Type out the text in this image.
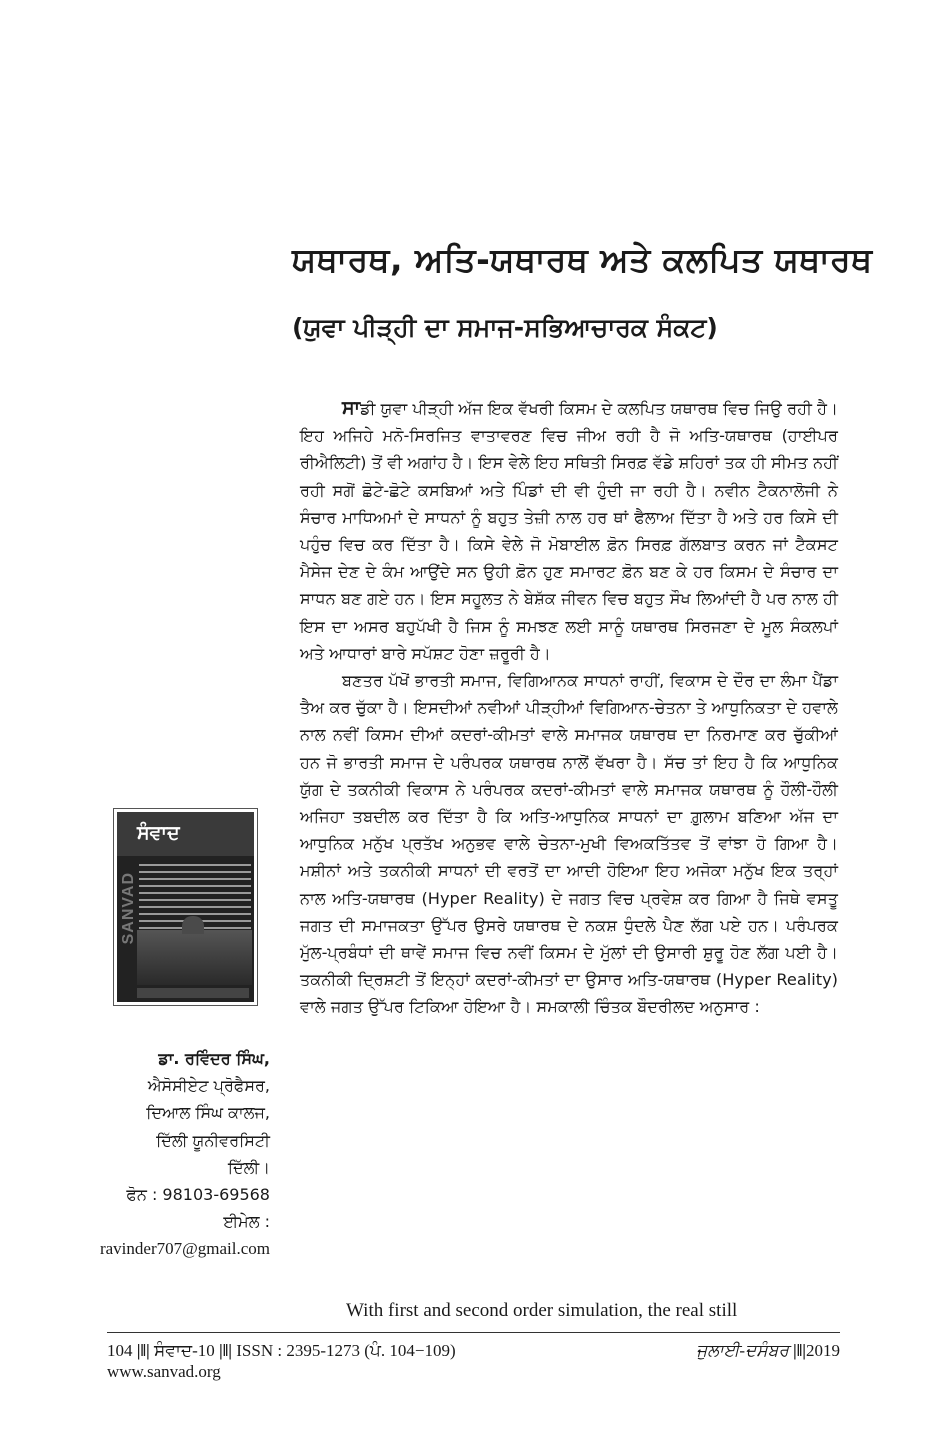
ਯਥਾਰਥ, ਅਤਿ-ਯਥਾਰਥ ਅਤੇ ਕਲਪਿਤ ਯਥਾਰਥ
(ਯੁਵਾ ਪੀੜ੍ਹੀ ਦਾ ਸਮਾਜ-ਸਭਿਆਚਾਰਕ ਸੰਕਟ)

ਸਾਡੀ ਯੁਵਾ ਪੀੜ੍ਹੀ ਅੱਜ ਇਕ ਵੱਖਰੀ ਕਿਸਮ ਦੇ ਕਲਪਿਤ ਯਥਾਰਥ ਵਿਚ ਜਿਉ ਰਹੀ ਹੈ। ਇਹ ਅਜਿਹੇ ਮਨੋ-ਸਿਰਜਿਤ ਵਾਤਾਵਰਣ ਵਿਚ ਜੀਅ ਰਹੀ ਹੈ ਜੋ ਅਤਿ-ਯਥਾਰਥ (ਹਾਈਪਰ ਰੀਐਲਿਟੀ) ਤੋਂ ਵੀ ਅਗਾਂਹ ਹੈ। ਇਸ ਵੇਲੇ ਇਹ ਸਥਿਤੀ ਸਿਰਫ਼ ਵੱਡੇ ਸ਼ਹਿਰਾਂ ਤਕ ਹੀ ਸੀਮਤ ਨਹੀਂ ਰਹੀ ਸਗੋਂ ਛੋਟੇ-ਛੋਟੇ ਕਸਬਿਆਂ ਅਤੇ ਪਿੰਡਾਂ ਦੀ ਵੀ ਹੁੰਦੀ ਜਾ ਰਹੀ ਹੈ। ਨਵੀਨ ਟੈਕਨਾਲੋਜੀ ਨੇ ਸੰਚਾਰ ਮਾਧਿਅਮਾਂ ਦੇ ਸਾਧਨਾਂ ਨੂੰ ਬਹੁਤ ਤੇਜ਼ੀ ਨਾਲ ਹਰ ਥਾਂ ਫੈਲਾਅ ਦਿੱਤਾ ਹੈ ਅਤੇ ਹਰ ਕਿਸੇ ਦੀ ਪਹੁੰਚ ਵਿਚ ਕਰ ਦਿੱਤਾ ਹੈ। ਕਿਸੇ ਵੇਲੇ ਜੋ ਮੋਬਾਈਲ ਫ਼ੋਨ ਸਿਰਫ਼ ਗੱਲਬਾਤ ਕਰਨ ਜਾਂ ਟੈਕਸਟ ਮੈਸੇਜ ਦੇਣ ਦੇ ਕੰਮ ਆਉਂਦੇ ਸਨ ਉਹੀ ਫ਼ੋਨ ਹੁਣ ਸਮਾਰਟ ਫ਼ੋਨ ਬਣ ਕੇ ਹਰ ਕਿਸਮ ਦੇ ਸੰਚਾਰ ਦਾ ਸਾਧਨ ਬਣ ਗਏ ਹਨ। ਇਸ ਸਹੂਲਤ ਨੇ ਬੇਸ਼ੱਕ ਜੀਵਨ ਵਿਚ ਬਹੁਤ ਸੌਖ ਲਿਆਂਦੀ ਹੈ ਪਰ ਨਾਲ ਹੀ ਇਸ ਦਾ ਅਸਰ ਬਹੁਪੱਖੀ ਹੈ ਜਿਸ ਨੂੰ ਸਮਝਣ ਲਈ ਸਾਨੂੰ ਯਥਾਰਥ ਸਿਰਜਣਾ ਦੇ ਮੂਲ ਸੰਕਲਪਾਂ ਅਤੇ ਆਧਾਰਾਂ ਬਾਰੇ ਸਪੱਸ਼ਟ ਹੋਣਾ ਜ਼ਰੂਰੀ ਹੈ।

ਬਣਤਰ ਪੱਖੋਂ ਭਾਰਤੀ ਸਮਾਜ, ਵਿਗਿਆਨਕ ਸਾਧਨਾਂ ਰਾਹੀਂ, ਵਿਕਾਸ ਦੇ ਦੌਰ ਦਾ ਲੰਮਾ ਪੈਂਡਾ ਤੈਅ ਕਰ ਚੁੱਕਾ ਹੈ। ਇਸਦੀਆਂ ਨਵੀਆਂ ਪੀੜ੍ਹੀਆਂ ਵਿਗਿਆਨ-ਚੇਤਨਾ ਤੇ ਆਧੁਨਿਕਤਾ ਦੇ ਹਵਾਲੇ ਨਾਲ ਨਵੀਂ ਕਿਸਮ ਦੀਆਂ ਕਦਰਾਂ-ਕੀਮਤਾਂ ਵਾਲੇ ਸਮਾਜਕ ਯਥਾਰਥ ਦਾ ਨਿਰਮਾਣ ਕਰ ਚੁੱਕੀਆਂ ਹਨ ਜੋ ਭਾਰਤੀ ਸਮਾਜ ਦੇ ਪਰੰਪਰਕ ਯਥਾਰਥ ਨਾਲੋਂ ਵੱਖਰਾ ਹੈ। ਸੱਚ ਤਾਂ ਇਹ ਹੈ ਕਿ ਆਧੁਨਿਕ ਯੁੱਗ ਦੇ ਤਕਨੀਕੀ ਵਿਕਾਸ ਨੇ ਪਰੰਪਰਕ ਕਦਰਾਂ-ਕੀਮਤਾਂ ਵਾਲੇ ਸਮਾਜਕ ਯਥਾਰਥ ਨੂੰ ਹੌਲੀ-ਹੌਲੀ ਅਜਿਹਾ ਤਬਦੀਲ ਕਰ ਦਿੱਤਾ ਹੈ ਕਿ ਅਤਿ-ਆਧੁਨਿਕ ਸਾਧਨਾਂ ਦਾ ਗ਼ੁਲਾਮ ਬਣਿਆ ਅੱਜ ਦਾ ਆਧੁਨਿਕ ਮਨੁੱਖ ਪ੍ਰਤੱਖ ਅਨੁਭਵ ਵਾਲੇ ਚੇਤਨਾ-ਮੁਖੀ ਵਿਅਕਤਿੱਤਵ ਤੋਂ ਵਾਂਝਾ ਹੋ ਗਿਆ ਹੈ। ਮਸ਼ੀਨਾਂ ਅਤੇ ਤਕਨੀਕੀ ਸਾਧਨਾਂ ਦੀ ਵਰਤੋਂ ਦਾ ਆਦੀ ਹੋਇਆ ਇਹ ਅਜੋਕਾ ਮਨੁੱਖ ਇਕ ਤਰ੍ਹਾਂ ਨਾਲ ਅਤਿ-ਯਥਾਰਥ (Hyper Reality) ਦੇ ਜਗਤ ਵਿਚ ਪ੍ਰਵੇਸ਼ ਕਰ ਗਿਆ ਹੈ ਜਿਥੇ ਵਸਤੂ ਜਗਤ ਦੀ ਸਮਾਜਕਤਾ ਉੱਪਰ ਉਸਰੇ ਯਥਾਰਥ ਦੇ ਨਕਸ਼ ਧੁੰਦਲੇ ਪੈਣ ਲੱਗ ਪਏ ਹਨ। ਪਰੰਪਰਕ ਮੁੱਲ-ਪ੍ਰਬੰਧਾਂ ਦੀ ਥਾਵੇਂ ਸਮਾਜ ਵਿਚ ਨਵੀਂ ਕਿਸਮ ਦੇ ਮੁੱਲਾਂ ਦੀ ਉਸਾਰੀ ਸ਼ੁਰੂ ਹੋਣ ਲੱਗ ਪਈ ਹੈ। ਤਕਨੀਕੀ ਦ੍ਰਿਸ਼ਟੀ ਤੋਂ ਇਨ੍ਹਾਂ ਕਦਰਾਂ-ਕੀਮਤਾਂ ਦਾ ਉਸਾਰ ਅਤਿ-ਯਥਾਰਥ (Hyper Reality) ਵਾਲੇ ਜਗਤ ਉੱਪਰ ਟਿਕਿਆ ਹੋਇਆ ਹੈ। ਸਮਕਾਲੀ ਚਿੰਤਕ ਬੌਦਰੀਲਦ ਅਨੁਸਾਰ :

With first and second order simulation, the real still
ਸੰਵਾਦ
SANVAD
ਡਾ. ਰਵਿੰਦਰ ਸਿੰਘ,
ਐਸੋਸੀਏਟ ਪ੍ਰੋਫੈਸਰ,
ਦਿਆਲ ਸਿੰਘ ਕਾਲਜ,
ਦਿੱਲੀ ਯੂਨੀਵਰਸਿਟੀ
ਦਿੱਲੀ।
ਫੋਨ : 98103-69568
ਈਮੇਲ :
ravinder707@gmail.com
104 |‖| ਸੰਵਾਦ-10 |‖| ISSN : 2395-1273 (ਪੰ. 104−109)	ਜੁਲਾਈ-ਦਸੰਬਰ |‖|2019
www.sanvad.org
